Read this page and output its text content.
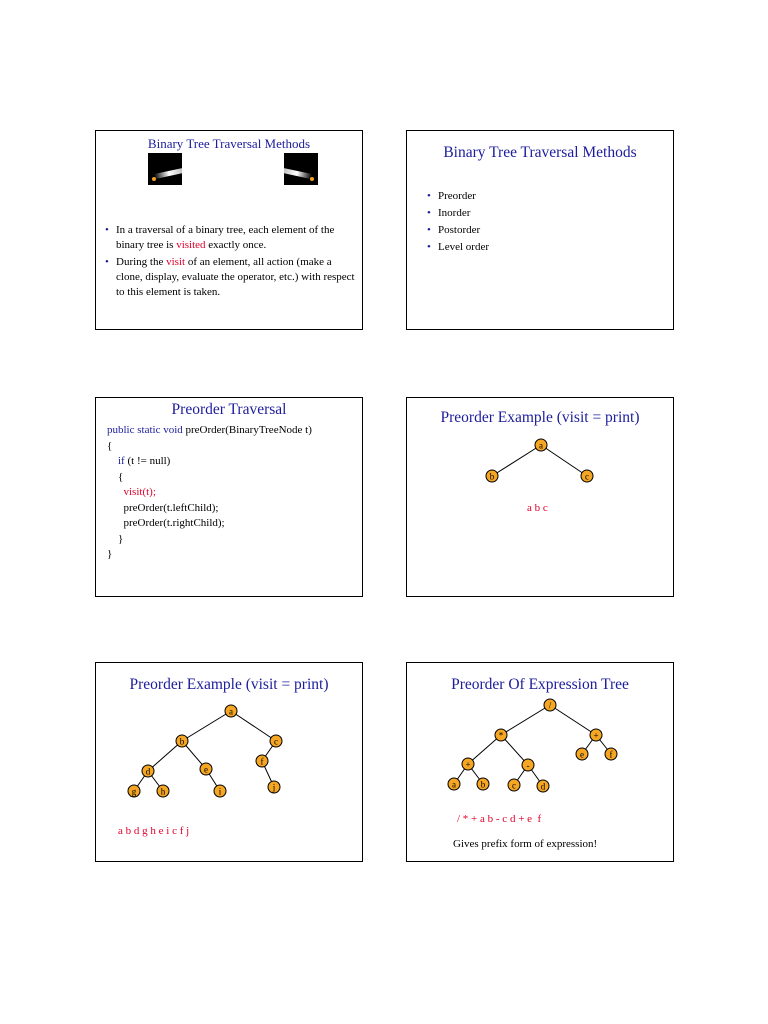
Binary Tree Traversal Methods
• In a traversal of a binary tree, each element of the binary tree is visited exactly once.
• During the visit of an element, all action (make a clone, display, evaluate the operator, etc.) with respect to this element is taken.
Binary Tree Traversal Methods
• Preorder
• Inorder
• Postorder
• Level order
Preorder Traversal
public static void preOrder(BinaryTreeNode t)
{
if (t != null)
{
visit(t);
preOrder(t.leftChild);
preOrder(t.rightChild);
}
}
Preorder Example (visit = print)
a
b	c
a b c
Preorder Example (visit = print)
a
b	c
d	e
f
g	h	i	j
a b d g h e i c f j
Preorder Of Expression Tree
/
*
+
+
-
a	b	c	d
e	f
/ * + a b - c d + e  f
Gives prefix form of expression!
